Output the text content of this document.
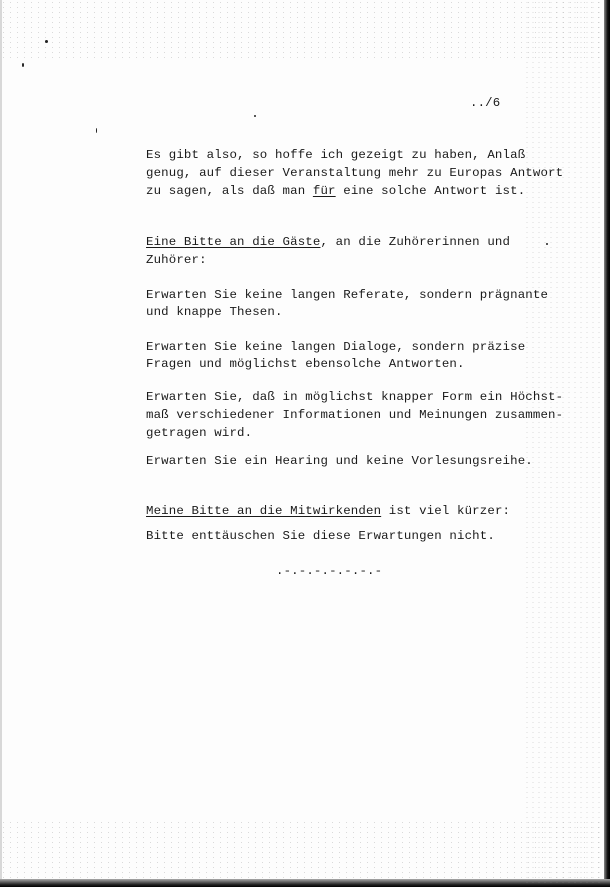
../6
Es gibt also, so hoffe ich gezeigt zu haben, Anlaß
genug, auf dieser Veranstaltung mehr zu Europas Antwort
zu sagen, als daß man für eine solche Antwort ist.
Eine Bitte an die Gäste, an die Zuhörerinnen und
Zuhörer:
Erwarten Sie keine langen Referate, sondern prägnante
und knappe Thesen.
Erwarten Sie keine langen Dialoge, sondern präzise
Fragen und möglichst ebensolche Antworten.
Erwarten Sie, daß in möglichst knapper Form ein Höchst-
maß verschiedener Informationen und Meinungen zusammen-
getragen wird.
Erwarten Sie ein Hearing und keine Vorlesungsreihe.
Meine Bitte an die Mitwirkenden ist viel kürzer:
Bitte enttäuschen Sie diese Erwartungen nicht.
.-.-.-.-.-.-.-
